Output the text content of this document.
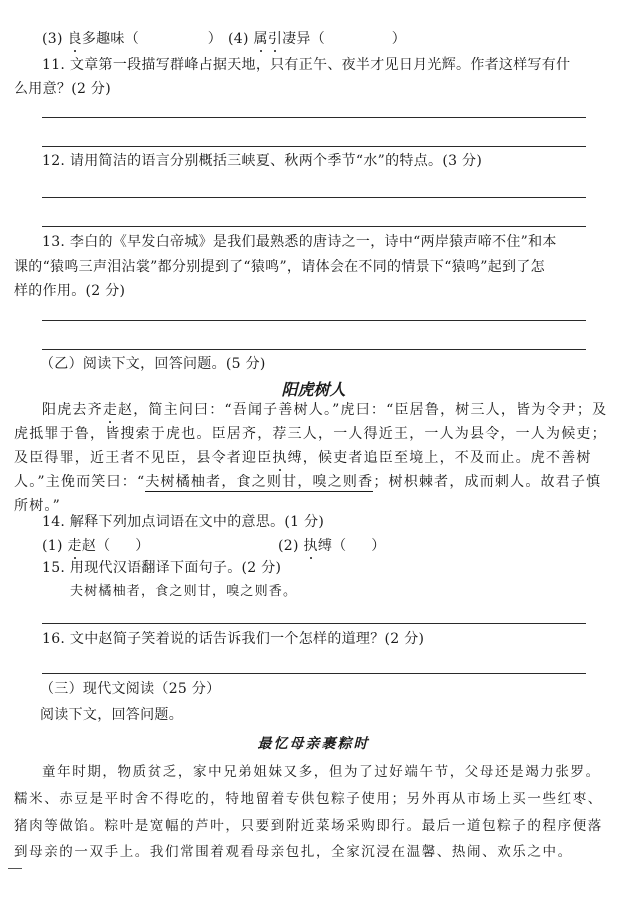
(3) 良多趣味（	） (4) 属引凄异（	）
11. 文章第一段描写群峰占据天地，只有正午、夜半才见日月光辉。作者这样写有什
么用意？(2 分)
12. 请用简洁的语言分别概括三峡夏、秋两个季节“水”的特点。(3 分)
13. 李白的《早发白帝城》是我们最熟悉的唐诗之一，诗中“两岸猿声啼不住”和本
课的“猿鸣三声泪沾裳”都分别提到了“猿鸣”，请体会在不同的情景下“猿鸣”起到了怎
样的作用。(2 分)
（乙）阅读下文，回答问题。(5 分)
阳虎树人
阳虎去齐走赵，简主问曰：“吾闻子善树人。”虎曰：“臣居鲁，树三人，皆为令尹；及
虎抵罪于鲁，皆搜索于虎也。臣居齐，荐三人，一人得近王，一人为县令，一人为候吏；
及臣得罪，近王者不见臣，县令者迎臣执缚，候吏者追臣至境上，不及而止。虎不善树
人。”主俛而笑曰：“夫树橘柚者，食之则甘，嗅之则香；树枳棘者，成而刺人。故君子慎
所树。”
14. 解释下列加点词语在文中的意思。(1 分)
(1) 走赵（ ）	(2) 执缚（ ）
15. 用现代汉语翻译下面句子。(2 分)
夫树橘柚者，食之则甘，嗅之则香。
16. 文中赵简子笑着说的话告诉我们一个怎样的道理？(2 分)
（三）现代文阅读（25 分）
阅读下文，回答问题。
最忆母亲裹粽时
童年时期，物质贫乏，家中兄弟姐妹又多，但为了过好端午节，父母还是竭力张罗。
糯米、赤豆是平时舍不得吃的，特地留着专供包粽子使用；另外再从市场上买一些红枣、
猪肉等做馅。粽叶是宽幅的芦叶，只要到附近菜场采购即行。最后一道包粽子的程序便落
到母亲的一双手上。我们常围着观看母亲包扎，全家沉浸在温馨、热闹、欢乐之中。
